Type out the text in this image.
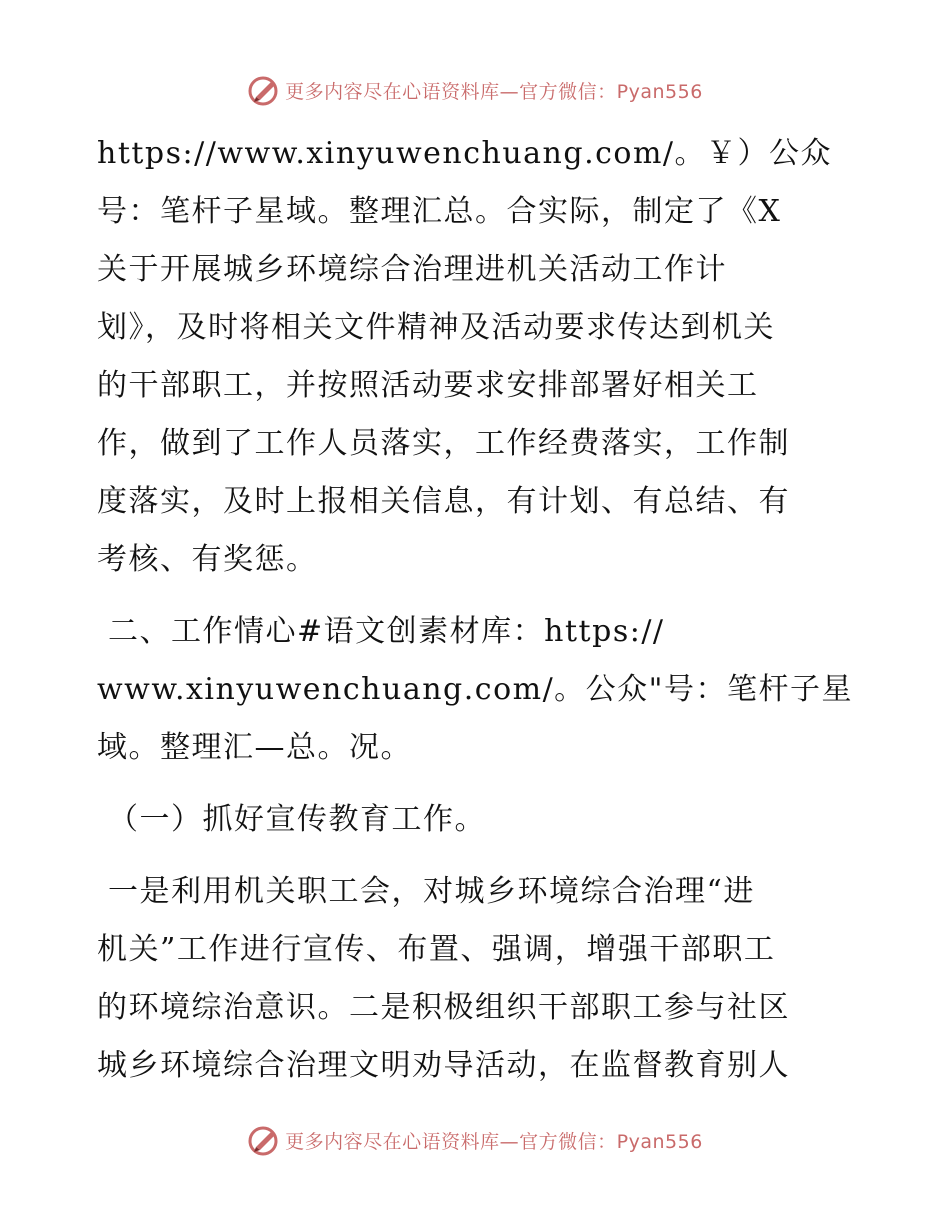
更多内容尽在心语资料库—官方微信：Pyan556
https://www.xinyuwenchuang.com/。￥）公众
号：笔杆子星域。整理汇总。合实际，制定了《X
关于开展城乡环境综合治理进机关活动工作计
划》，及时将相关文件精神及活动要求传达到机关
的干部职工，并按照活动要求安排部署好相关工
作，做到了工作人员落实，工作经费落实，工作制
度落实，及时上报相关信息，有计划、有总结、有
考核、有奖惩。
二、工作情心#语文创素材库：https://
www.xinyuwenchuang.com/。公众"号：笔杆子星
域。整理汇—总。况。
（一）抓好宣传教育工作。
一是利用机关职工会，对城乡环境综合治理“进
机关”工作进行宣传、布置、强调，增强干部职工
的环境综治意识。二是积极组织干部职工参与社区
城乡环境综合治理文明劝导活动，在监督教育别人
更多内容尽在心语资料库—官方微信：Pyan556
